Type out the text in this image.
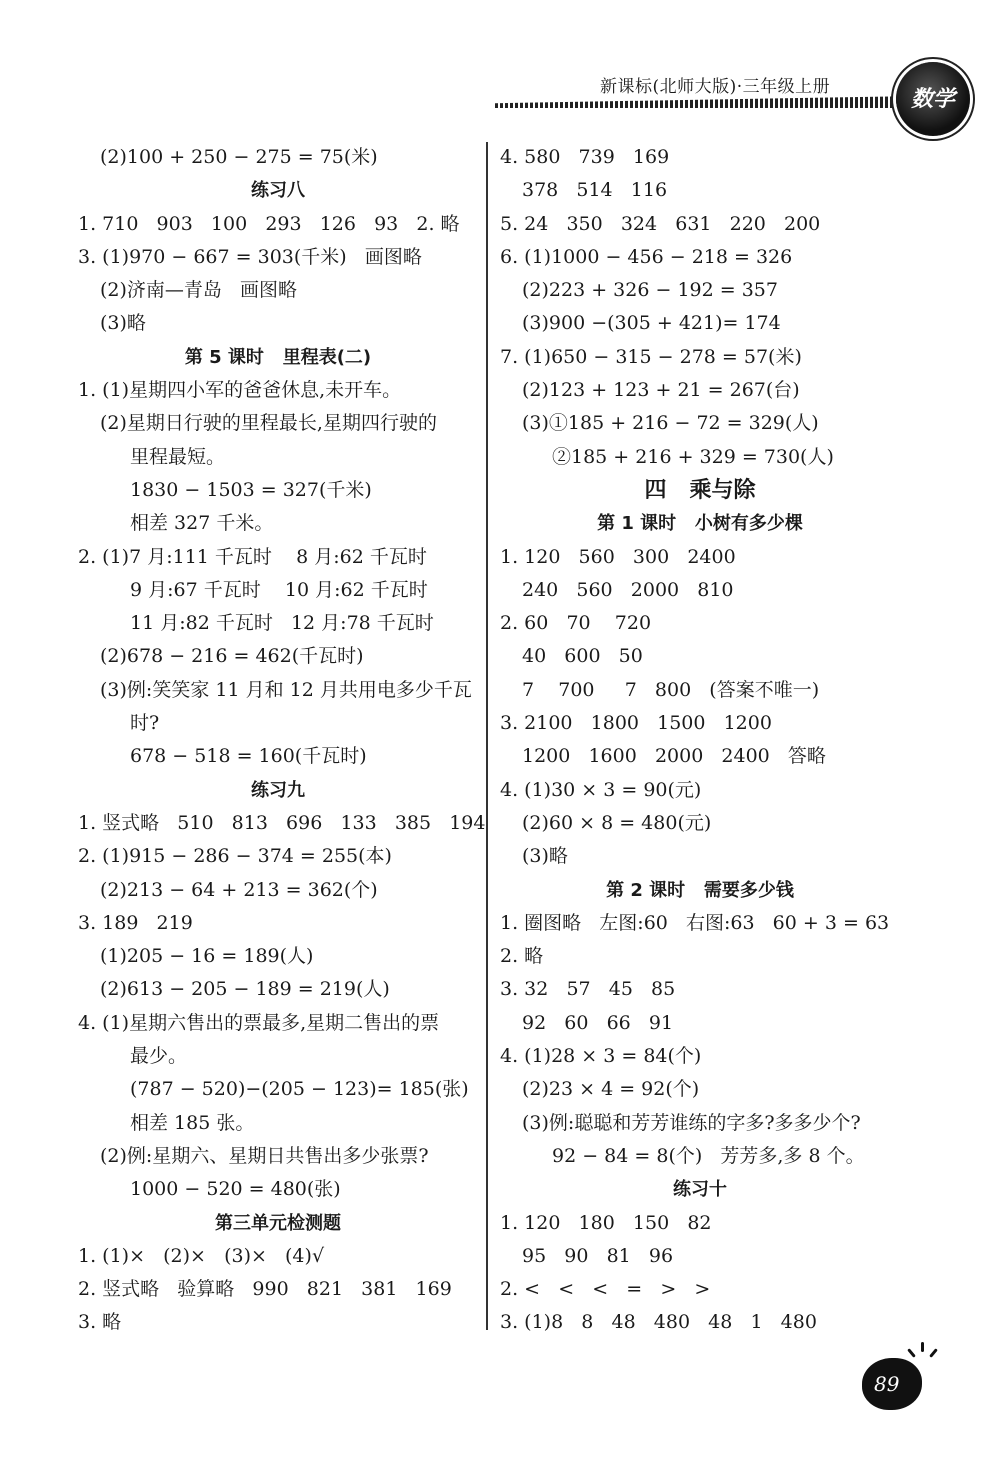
新课标(北师大版)·三年级上册	数学
(2)100 + 250 − 275 = 75(米)
练习八
1. 710   903   100   293   126   93   2. 略
3. (1)970 − 667 = 303(千米)   画图略
(2)济南—青岛   画图略
(3)略
第 5 课时   里程表(二)
1. (1)星期四小军的爸爸休息,未开车。
(2)星期日行驶的里程最长,星期四行驶的
里程最短。
1830 − 1503 = 327(千米)
相差 327 千米。
2. (1)7 月:111 千瓦时    8 月:62 千瓦时
9 月:67 千瓦时    10 月:62 千瓦时
11 月:82 千瓦时   12 月:78 千瓦时
(2)678 − 216 = 462(千瓦时)
(3)例:笑笑家 11 月和 12 月共用电多少千瓦
时?
678 − 518 = 160(千瓦时)
练习九
1. 竖式略   510   813   696   133   385   194
2. (1)915 − 286 − 374 = 255(本)
(2)213 − 64 + 213 = 362(个)
3. 189   219
(1)205 − 16 = 189(人)
(2)613 − 205 − 189 = 219(人)
4. (1)星期六售出的票最多,星期二售出的票
最少。
(787 − 520)−(205 − 123)= 185(张)
相差 185 张。
(2)例:星期六、星期日共售出多少张票?
1000 − 520 = 480(张)
第三单元检测题
1. (1)×   (2)×   (3)×   (4)√
2. 竖式略   验算略   990   821   381   169
3. 略
4. 580   739   169
378   514   116
5. 24   350   324   631   220   200
6. (1)1000 − 456 − 218 = 326
(2)223 + 326 − 192 = 357
(3)900 −(305 + 421)= 174
7. (1)650 − 315 − 278 = 57(米)
(2)123 + 123 + 21 = 267(台)
(3)①185 + 216 − 72 = 329(人)
②185 + 216 + 329 = 730(人)
四   乘与除
第 1 课时   小树有多少棵
1. 120   560   300   2400
240   560   2000   810
2. 60   70    720
40   600   50
7    700     7   800   (答案不唯一)
3. 2100   1800   1500   1200
1200   1600   2000   2400   答略
4. (1)30 × 3 = 90(元)
(2)60 × 8 = 480(元)
(3)略
第 2 课时   需要多少钱
1. 圈图略   左图:60   右图:63   60 + 3 = 63
2. 略
3. 32   57   45   85
92   60   66   91
4. (1)28 × 3 = 84(个)
(2)23 × 4 = 92(个)
(3)例:聪聪和芳芳谁练的字多?多多少个?
92 − 84 = 8(个)   芳芳多,多 8 个。
练习十
1. 120   180   150   82
95   90   81   96
2. <   <   <   =   >   >
3. (1)8   8   48   480   48   1   480
89
